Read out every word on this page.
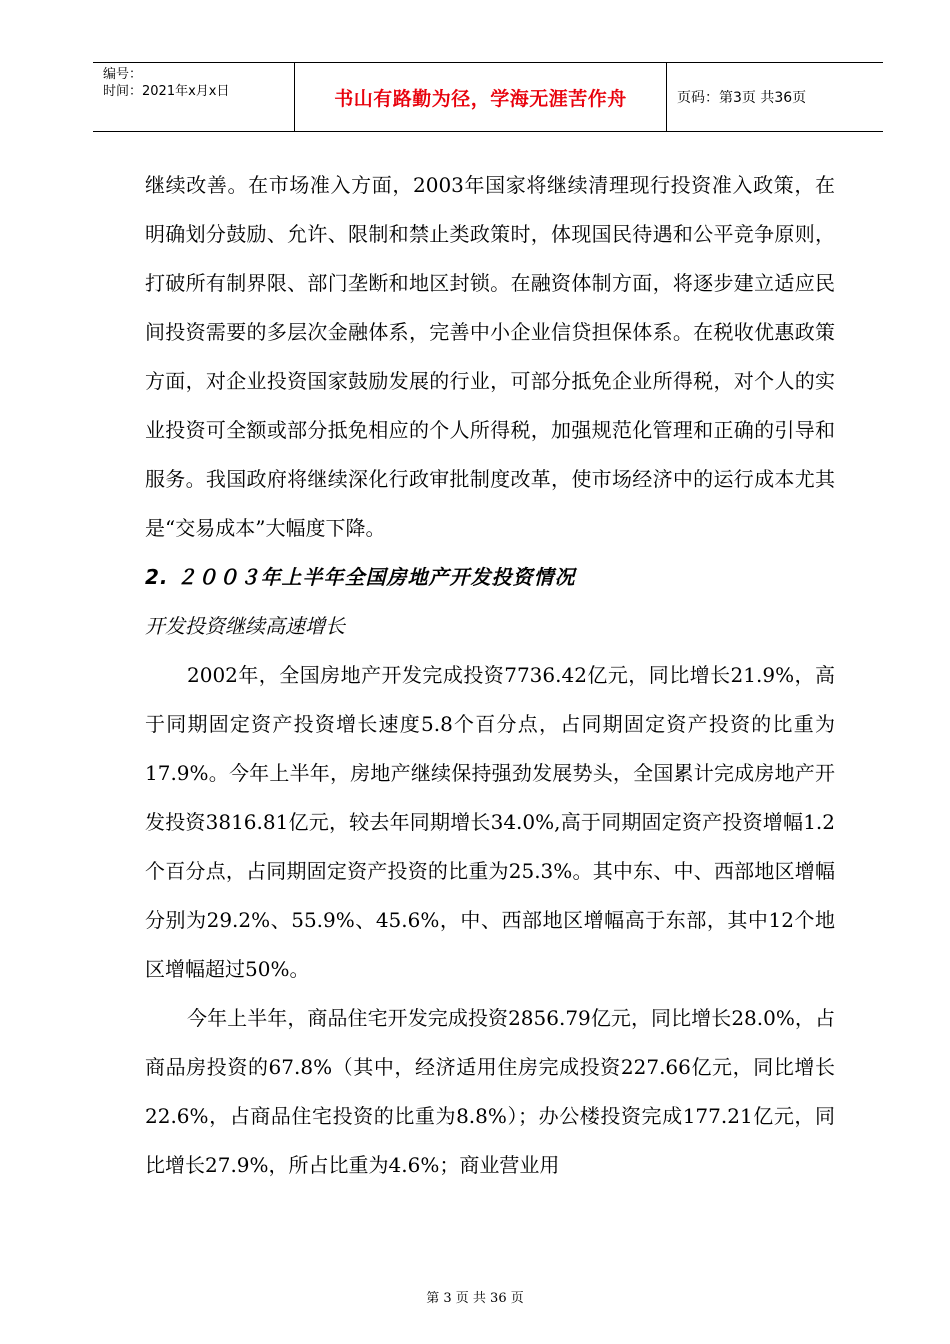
编号：
时间：2021年x月x日	书山有路勤为径，学海无涯苦作舟	页码：第3页 共36页

继续改善。在市场准入方面，2003年国家将继续清理现行投资准入政策，在明确划分鼓励、允许、限制和禁止类政策时，体现国民待遇和公平竞争原则，打破所有制界限、部门垄断和地区封锁。在融资体制方面，将逐步建立适应民间投资需要的多层次金融体系，完善中小企业信贷担保体系。在税收优惠政策方面，对企业投资国家鼓励发展的行业，可部分抵免企业所得税，对个人的实业投资可全额或部分抵免相应的个人所得税，加强规范化管理和正确的引导和服务。我国政府将继续深化行政审批制度改革，使市场经济中的运行成本尤其是“交易成本”大幅度下降。

2. ２００３年上半年全国房地产开发投资情况

开发投资继续高速增长

2002年，全国房地产开发完成投资7736.42亿元，同比增长21.9%，高于同期固定资产投资增长速度5.8个百分点，占同期固定资产投资的比重为17.9%。今年上半年，房地产继续保持强劲发展势头，全国累计完成房地产开发投资3816.81亿元，较去年同期增长34.0%,高于同期固定资产投资增幅1.2个百分点，占同期固定资产投资的比重为25.3%。其中东、中、西部地区增幅分别为29.2%、55.9%、45.6%，中、西部地区增幅高于东部，其中12个地区增幅超过50%。

今年上半年，商品住宅开发完成投资2856.79亿元，同比增长28.0%，占商品房投资的67.8%（其中，经济适用住房完成投资227.66亿元，同比增长22.6%，占商品住宅投资的比重为8.8%）；办公楼投资完成177.21亿元，同比增长27.9%，所占比重为4.6%；商业营业用

第 3 页 共 36 页
